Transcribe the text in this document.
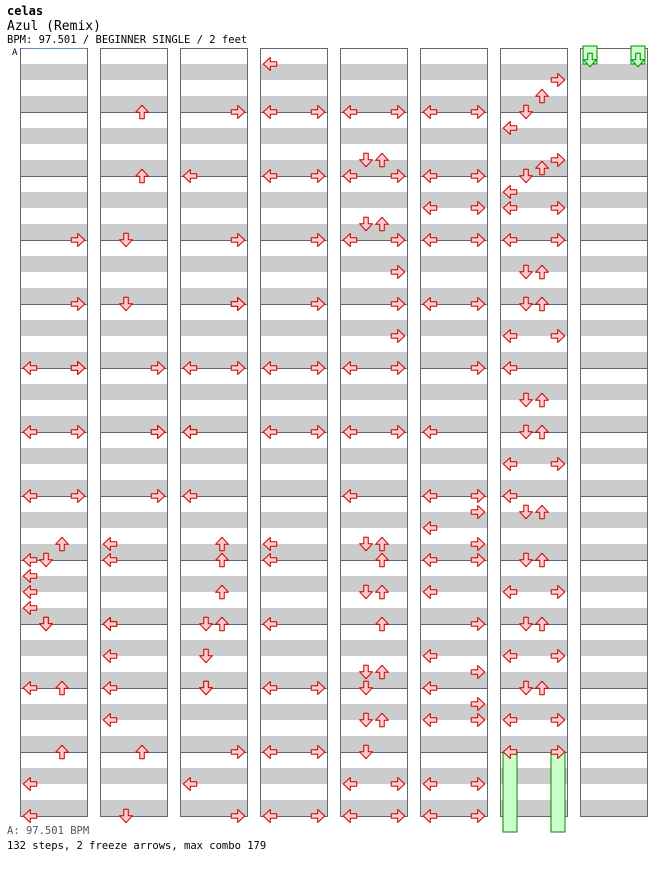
celas
Azul (Remix)
BPM: 97.501 / BEGINNER SINGLE / 2 feet
A
A: 97.501 BPM
132 steps, 2 freeze arrows, max combo 179
